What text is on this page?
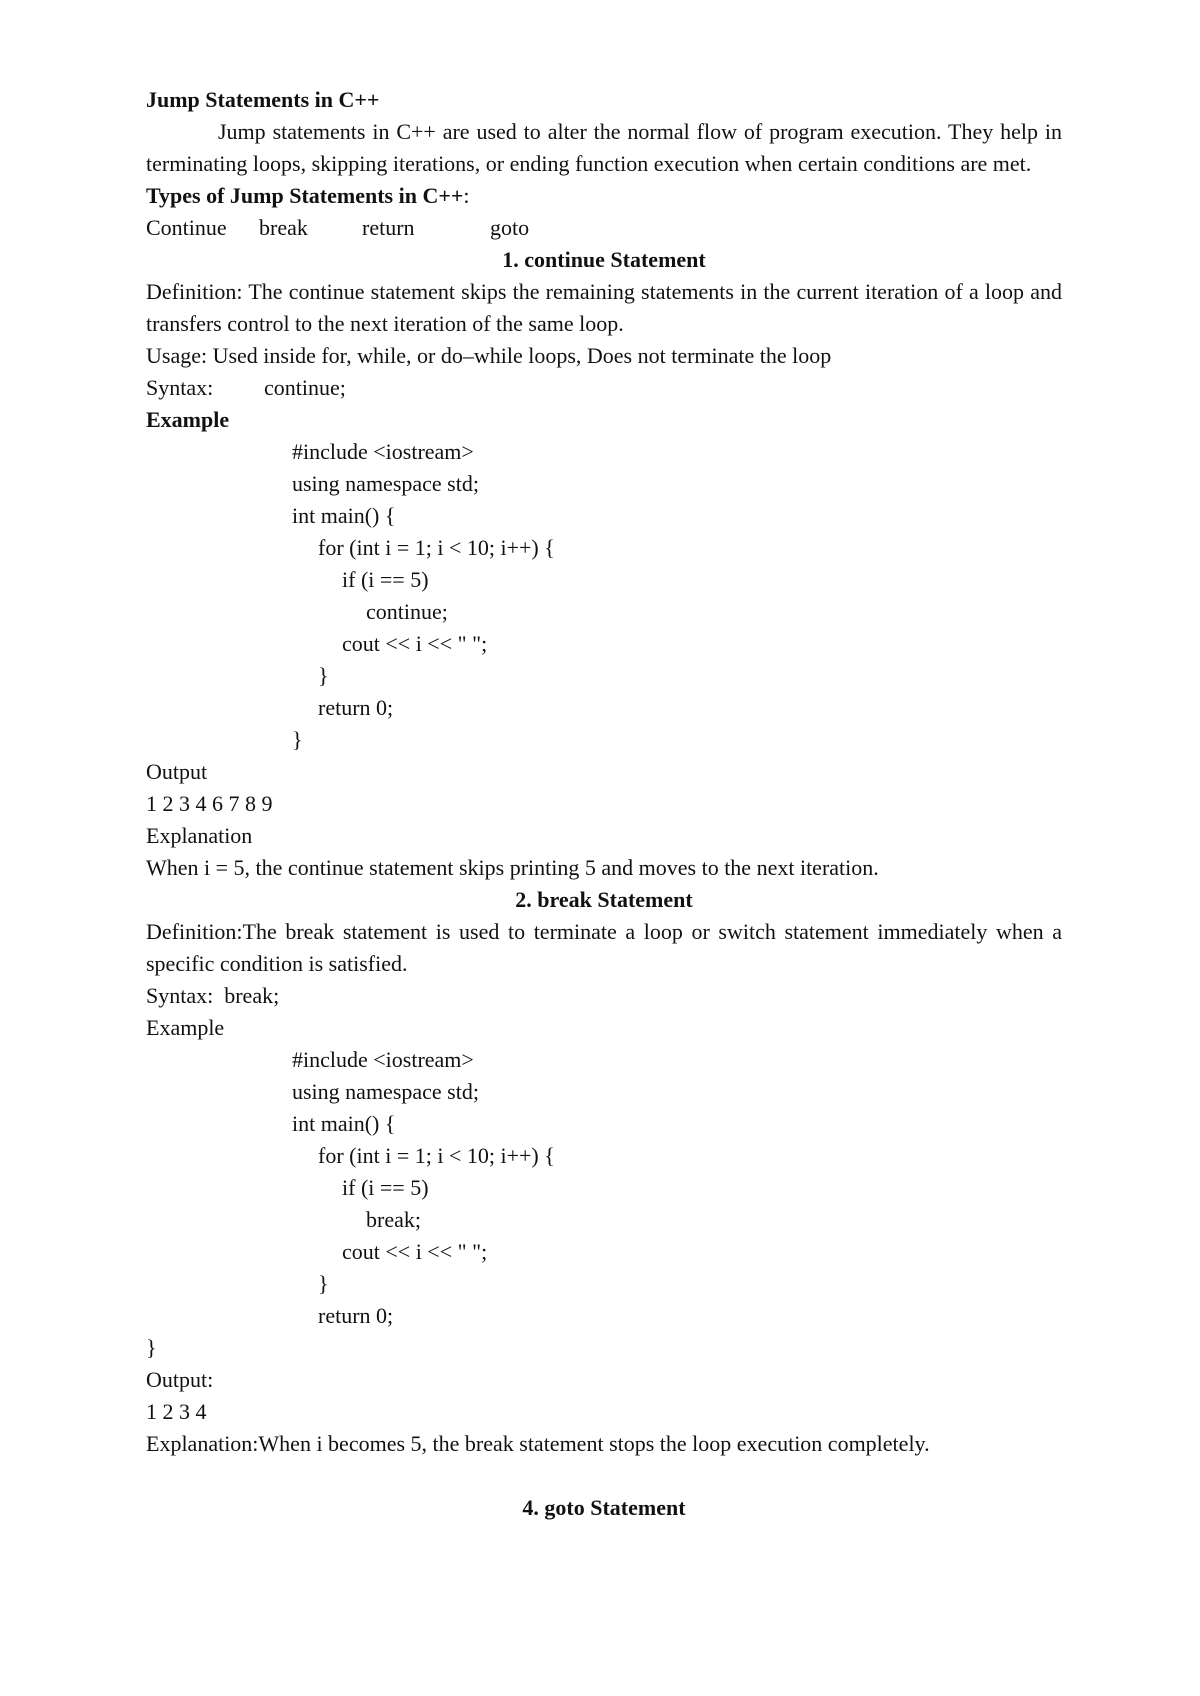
Jump Statements in C++
Jump statements in C++ are used to alter the normal flow of program execution. They help in terminating loops, skipping iterations, or ending function execution when certain conditions are met.
Types of Jump Statements in C++:
Continue break return	goto
1. continue Statement
Definition: The continue statement skips the remaining statements in the current iteration of a loop and transfers control to the next iteration of the same loop.
Usage: Used inside for, while, or do–while loops, Does not terminate the loop
Syntax: continue;
Example
#include <iostream>
using namespace std;
int main() {
for (int i = 1; i < 10; i++) {
if (i == 5)
continue;
cout << i << " ";
}
return 0;
}
Output
1 2 3 4 6 7 8 9
Explanation
When i = 5, the continue statement skips printing 5 and moves to the next iteration.
2. break Statement
Definition:The break statement is used to terminate a loop or switch statement immediately when a specific condition is satisfied.
Syntax:  break;
Example
#include <iostream>
using namespace std;
int main() {
for (int i = 1; i < 10; i++) {
if (i == 5)
break;
cout << i << " ";
}
return 0;
}
Output:
1 2 3 4
Explanation:When i becomes 5, the break statement stops the loop execution completely.
4. goto Statement
